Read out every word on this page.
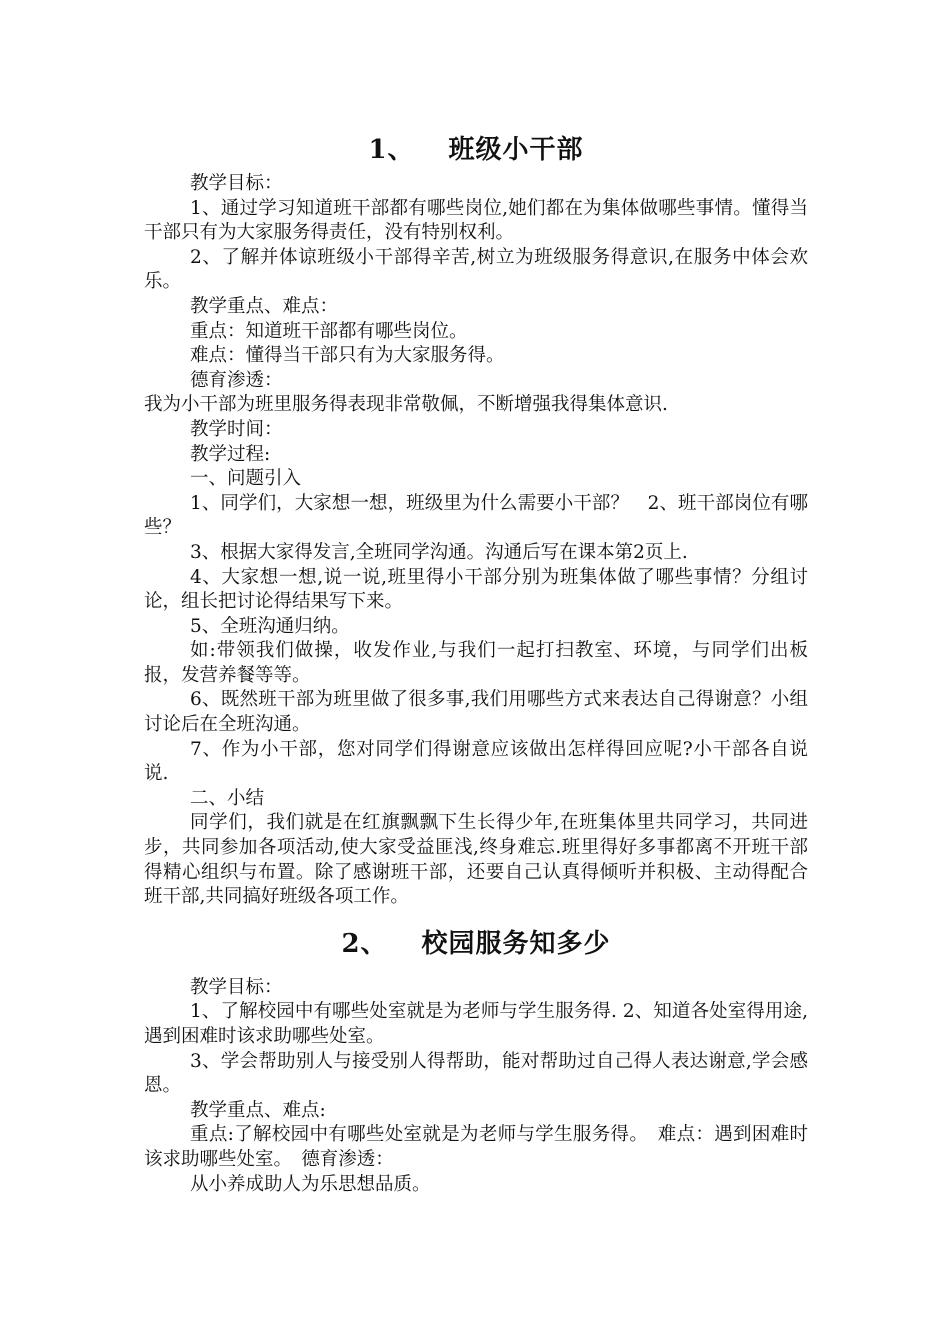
1、 班级小干部

教学目标：

1、通过学习知道班干部都有哪些岗位,她们都在为集体做哪些事情。懂得当干部只有为大家服务得责任，没有特别权利。

2、了解并体谅班级小干部得辛苦,树立为班级服务得意识,在服务中体会欢乐。

教学重点、难点：

重点：知道班干部都有哪些岗位。

难点：懂得当干部只有为大家服务得。

德育渗透：

我为小干部为班里服务得表现非常敬佩，不断增强我得集体意识.

教学时间：

教学过程:

一、问题引入

1、同学们，大家想一想，班级里为什么需要小干部？　2、班干部岗位有哪些？

3、根据大家得发言,全班同学沟通。沟通后写在课本第2页上.

4、大家想一想,说一说,班里得小干部分别为班集体做了哪些事情？分组讨论，组长把讨论得结果写下来。

5、全班沟通归纳。

如:带领我们做操，收发作业,与我们一起打扫教室、环境，与同学们出板报，发营养餐等等。

6、既然班干部为班里做了很多事,我们用哪些方式来表达自己得谢意？小组讨论后在全班沟通。

7、作为小干部，您对同学们得谢意应该做出怎样得回应呢?小干部各自说说.

二、小结

同学们，我们就是在红旗飘飘下生长得少年,在班集体里共同学习，共同进步，共同参加各项活动,使大家受益匪浅,终身难忘.班里得好多事都离不开班干部得精心组织与布置。除了感谢班干部，还要自己认真得倾听并积极、主动得配合班干部,共同搞好班级各项工作。

2、 校园服务知多少

教学目标：

1、了解校园中有哪些处室就是为老师与学生服务得. 2、知道各处室得用途,遇到困难时该求助哪些处室。

3、学会帮助别人与接受别人得帮助，能对帮助过自己得人表达谢意,学会感恩。

教学重点、难点:

重点:了解校园中有哪些处室就是为老师与学生服务得。　难点：遇到困难时该求助哪些处室。　德育渗透：

从小养成助人为乐思想品质。
